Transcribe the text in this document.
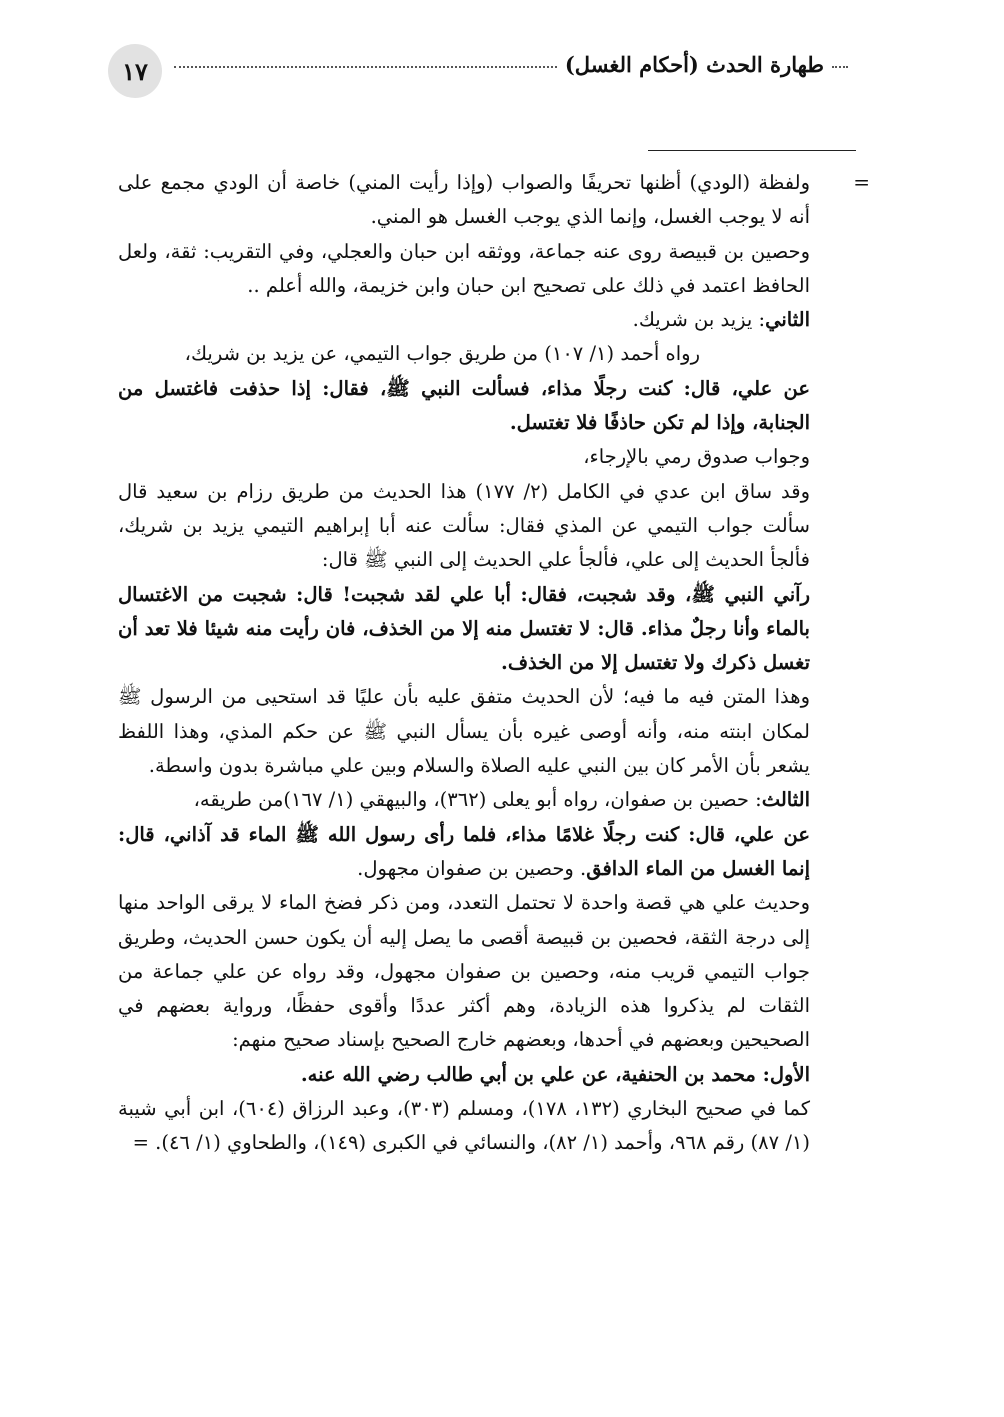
١٧	طهارة الحدث (أحكام الغسل)
=

ولفظة (الودي) أظنها تحريفًا والصواب (وإذا رأيت المني) خاصة أن الودي مجمع على أنه لا يوجب الغسل، وإنما الذي يوجب الغسل هو المني.

وحصين بن قبيصة روى عنه جماعة، ووثقه ابن حبان والعجلي، وفي التقريب: ثقة، ولعل الحافظ اعتمد في ذلك على تصحيح ابن حبان وابن خزيمة، والله أعلم ..

الثاني: يزيد بن شريك.

رواه أحمد (١/ ١٠٧) من طريق جواب التيمي، عن يزيد بن شريك،

عن علي، قال: كنت رجلًا مذاء، فسألت النبي ﷺ، فقال: إذا حذفت فاغتسل من الجنابة، وإذا لم تكن حاذفًا فلا تغتسل.

وجواب صدوق رمي بالإرجاء،

وقد ساق ابن عدي في الكامل (٢/ ١٧٧) هذا الحديث من طريق رزام بن سعيد قال سألت جواب التيمي عن المذي فقال: سألت عنه أبا إبراهيم التيمي يزيد بن شريك، فألجأ الحديث إلى علي، فألجأ علي الحديث إلى النبي ﷺ قال:

رآني النبي ﷺ، وقد شجبت، فقال: أبا علي لقد شجبت! قال: شجبت من الاغتسال بالماء وأنا رجلٌ مذاء. قال: لا تغتسل منه إلا من الخذف، فان رأيت منه شيئا فلا تعد أن تغسل ذكرك ولا تغتسل إلا من الخذف.

وهذا المتن فيه ما فيه؛ لأن الحديث متفق عليه بأن عليًا قد استحيى من الرسول ﷺ لمكان ابنته منه، وأنه أوصى غيره بأن يسأل النبي ﷺ عن حكم المذي، وهذا اللفظ يشعر بأن الأمر كان بين النبي عليه الصلاة والسلام وبين علي مباشرة بدون واسطة.

الثالث: حصين بن صفوان، رواه أبو يعلى (٣٦٢)، والبيهقي (١/ ١٦٧)من طريقه،

عن علي، قال: كنت رجلًا غلامًا مذاء، فلما رأى رسول الله ﷺ الماء قد آذاني، قال: إنما الغسل من الماء الدافق. وحصين بن صفوان مجهول.

وحديث علي هي قصة واحدة لا تحتمل التعدد، ومن ذكر فضخ الماء لا يرقى الواحد منها إلى درجة الثقة، فحصين بن قبيصة أقصى ما يصل إليه أن يكون حسن الحديث، وطريق جواب التيمي قريب منه، وحصين بن صفوان مجهول، وقد رواه عن علي جماعة من الثقات لم يذكروا هذه الزيادة، وهم أكثر عددًا وأقوى حفظًا، ورواية بعضهم في الصحيحين وبعضهم في أحدها، وبعضهم خارج الصحيح بإسناد صحيح منهم:

الأول: محمد بن الحنفية، عن علي بن أبي طالب رضي الله عنه.

كما في صحيح البخاري (١٣٢، ١٧٨)، ومسلم (٣٠٣)، وعبد الرزاق (٦٠٤)، ابن أبي شيبة (١/ ٨٧) رقم ٩٦٨، وأحمد (١/ ٨٢)، والنسائي في الكبرى (١٤٩)، والطحاوي (١/ ٤٦). =
